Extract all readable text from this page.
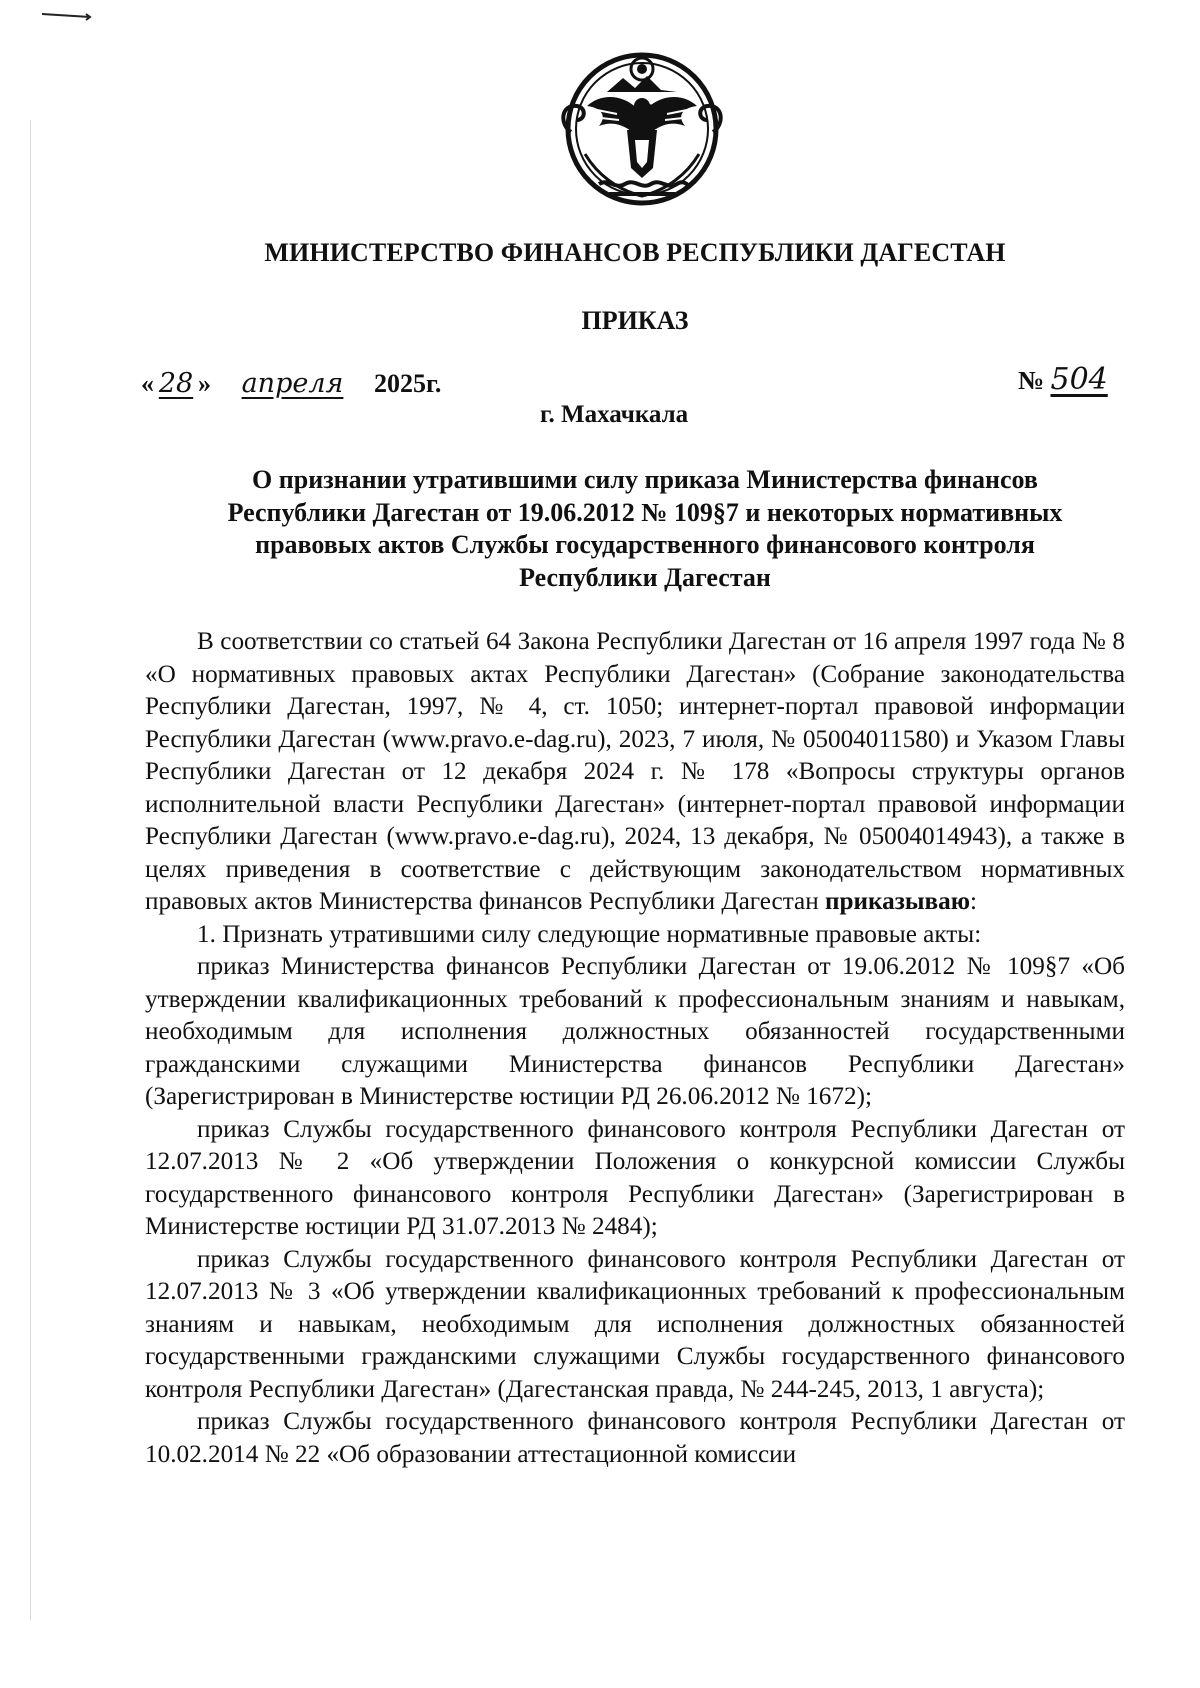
МИНИСТЕРСТВО ФИНАНСОВ РЕСПУБЛИКИ ДАГЕСТАН
ПРИКАЗ
« 28 » апреля 2025г.	№ 504
г. Махачкала
О признании утратившими силу приказа Министерства финансов
Республики Дагестан от 19.06.2012 № 109§7 и некоторых нормативных
правовых актов Службы государственного финансового контроля
Республики Дагестан

В соответствии со статьей 64 Закона Республики Дагестан от 16 апреля 1997 года № 8 «О нормативных правовых актах Республики Дагестан» (Собрание законодательства Республики Дагестан, 1997, № 4, ст. 1050; интернет-портал правовой информации Республики Дагестан (www.pravo.e-dag.ru), 2023, 7 июля, № 05004011580) и Указом Главы Республики Дагестан от 12 декабря 2024 г. № 178 «Вопросы структуры органов исполнительной власти Республики Дагестан» (интернет-портал правовой информации Республики Дагестан (www.pravo.e-dag.ru), 2024, 13 декабря, № 05004014943), а также в целях приведения в соответствие с действующим законодательством нормативных правовых актов Министерства финансов Республики Дагестан приказываю:

1. Признать утратившими силу следующие нормативные правовые акты:

приказ Министерства финансов Республики Дагестан от 19.06.2012 № 109§7 «Об утверждении квалификационных требований к профессиональным знаниям и навыкам, необходимым для исполнения должностных обязанностей государственными гражданскими служащими Министерства финансов Республики Дагестан» (Зарегистрирован в Министерстве юстиции РД 26.06.2012 № 1672);

приказ Службы государственного финансового контроля Республики Дагестан от 12.07.2013 № 2 «Об утверждении Положения о конкурсной комиссии Службы государственного финансового контроля Республики Дагестан» (Зарегистрирован в Министерстве юстиции РД 31.07.2013 № 2484);

приказ Службы государственного финансового контроля Республики Дагестан от 12.07.2013 № 3 «Об утверждении квалификационных требований к профессиональным знаниям и навыкам, необходимым для исполнения должностных обязанностей государственными гражданскими служащими Службы государственного финансового контроля Республики Дагестан» (Дагестанская правда, № 244-245, 2013, 1 августа);

приказ Службы государственного финансового контроля Республики Дагестан от 10.02.2014 № 22 «Об образовании аттестационной комиссии
